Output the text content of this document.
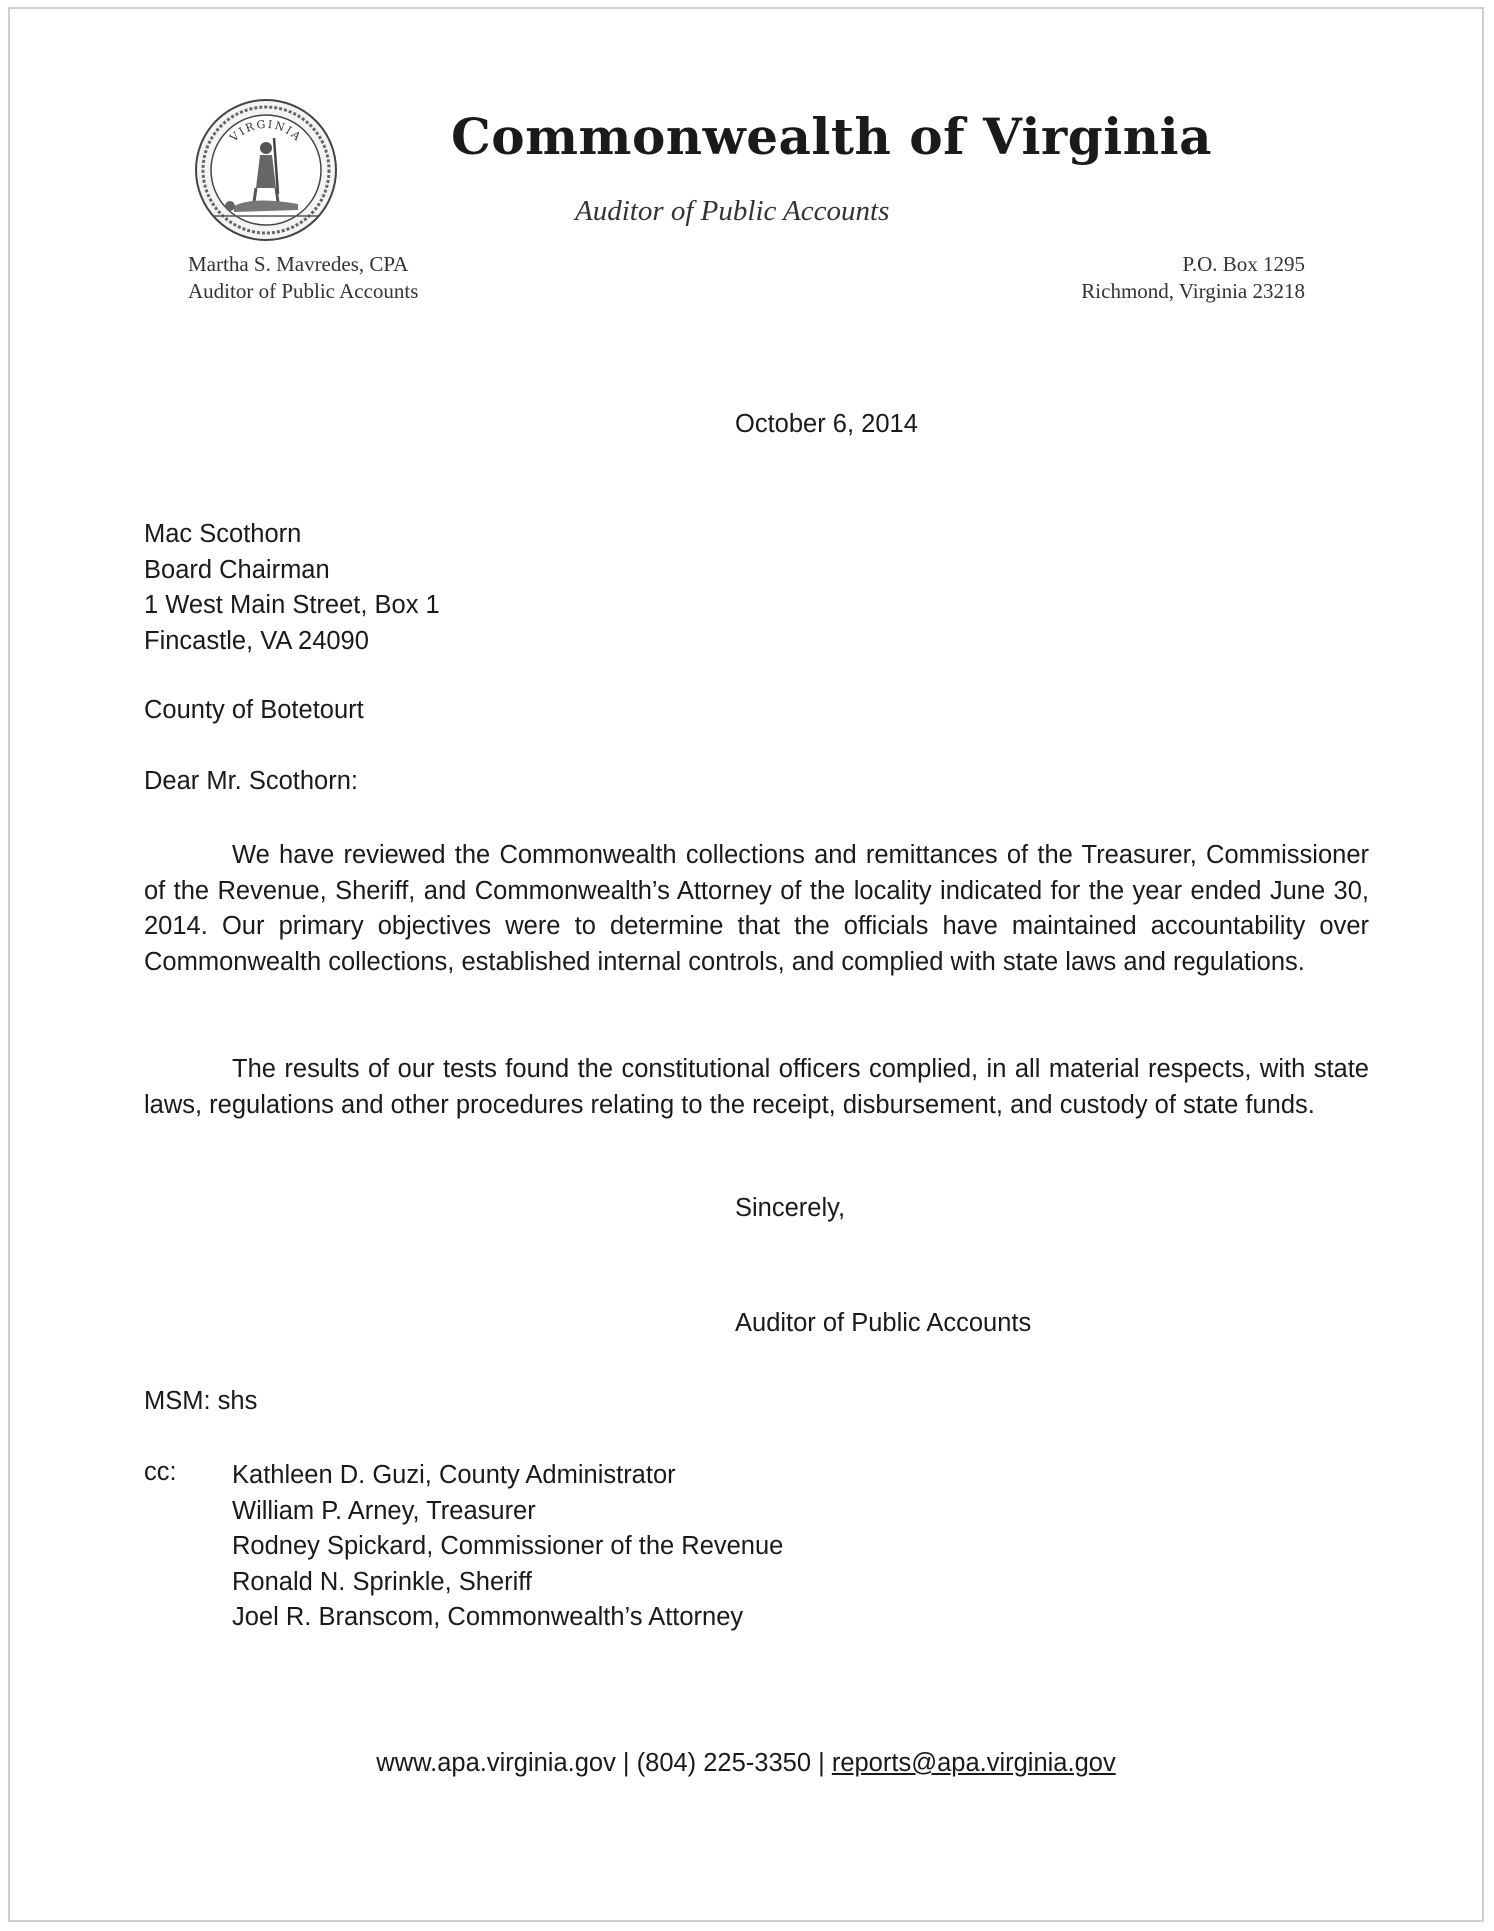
VIRGINIA	Commonwealth of Virginia
Auditor of Public Accounts
Martha S. Mavredes, CPA
Auditor of Public Accounts
P.O. Box 1295
Richmond, Virginia 23218
October 6, 2014
Mac Scothorn
Board Chairman
1 West Main Street, Box 1
Fincastle, VA 24090
County of Botetourt
Dear Mr. Scothorn:
We have reviewed the Commonwealth collections and remittances of the Treasurer, Commissioner of the Revenue, Sheriff, and Commonwealth’s Attorney of the locality indicated for the year ended June 30, 2014. Our primary objectives were to determine that the officials have maintained accountability over Commonwealth collections, established internal controls, and complied with state laws and regulations.
The results of our tests found the constitutional officers complied, in all material respects, with state laws, regulations and other procedures relating to the receipt, disbursement, and custody of state funds.
Sincerely,
Auditor of Public Accounts
MSM: shs
cc: Kathleen D. Guzi, County Administrator
William P. Arney, Treasurer
Rodney Spickard, Commissioner of the Revenue
Ronald N. Sprinkle, Sheriff
Joel R. Branscom, Commonwealth’s Attorney
www.apa.virginia.gov | (804) 225-3350 | reports@apa.virginia.gov
